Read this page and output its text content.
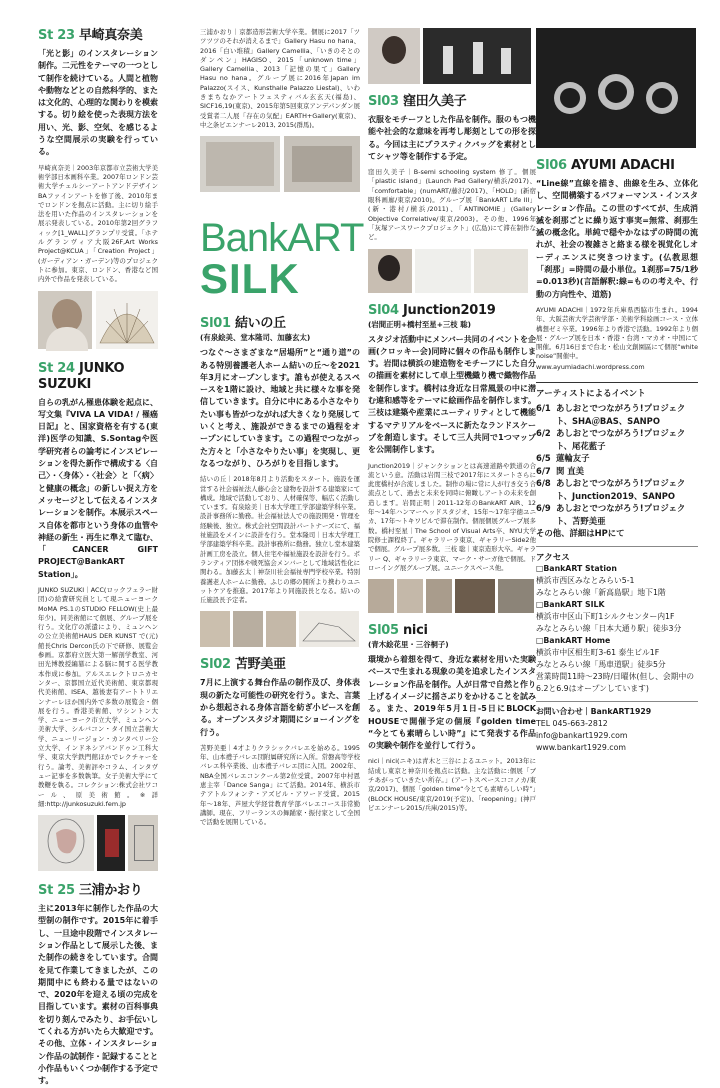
St 23 早崎真奈美
「光と影」のインスタレーション制作。二元性をテーマの一つとして制作を続けている。人間と植物や動物などとの自然科学的、または文化的、心理的な関わりを模索する。切り絵を使った表現方法を用い、光、影、空気、を感じるような空間展示の実験を行っている。
早崎真奈美｜2003年京都市立芸術大学美術学部日本画科卒業。2007年ロンドン芸術大学チェルシーアートアンドデザインBAファインアートを修了後、2010年までロンドンを拠点に活動。主に切り絵手法を用いた作品のインスタレーションを展示発表している。2010年第2回グラフィック[1_WALL]グランプリ受賞。「ホテルグランヴィア大阪26F,Art Works Project@KCUA」「Creation Project」(ガーディアン・ガーデン)等のプロジェクトに参加。東京、ロンドン、香港など国内外で作品を発表している。
St 24 JUNKO SUZUKI
自らの乳がん罹患体験を起点に、写文集『VIVA LA VIDA! / 罹癌日記』と、国家資格を有する(東洋)医学の知識、S.Sontagや医学研究者らの論考にインスピレーションを得た新作で構成する〈自己〉・〈身体〉・〈社会〉と「〈病〉と健康の概念」の新しい捉え方をメッセージとして伝えるインスタレーションを制作。本展示スペース自体を都市という身体の血管や神経の新生・再生に準えて臨む、「CANCER GIFT PROJECT@BankART Station」。
JUNKO SUZUKI｜ACC(ロックフェラー財団)の給費研究員として現ニューヨークMoMA PS.1のSTUDIO FELLOW(史上最年少)。同美術館にて個展、グループ展を行う。文化庁の派遣により、ミュンヘンの公立美術館HAUS DER KUNST で(元)館長Chris Dercon氏の下で研修、展覧会参画。京都府立医大第一解剖学教室、河田光博教授編纂による脳に関する医学教本作成に参加。アルスエレクトロニカセンター、京都国立近代美術館、東京都現代美術館、ISEA、越後妻有アートトリエンナーレほか国内外で多数の展覧会・個展を行う。香港美術館、ワシントン大学、ニューヨーク市立大学、ミュンヘン美術大学、シルバコン・タイ国立芸術大学、ニューリージョン・カンタベリー公立大学、インドネシアバンドゥン工科大学、東京大学鉄門館ほかでレクチャーを行う。論考、美術評やコラム、インタヴュー記事を多数執筆。女子美術大学にて教鞭を執る。コレクション:株式会社ワコール、原美術館。※詳細:http://junkosuzuki.fem.jp
St 25 三浦かおり
主に2013年に制作した作品の大型制の制作です。2015年に着手し、一旦途中段階でインスタレーション作品として展示した後、また制作の続きをしています。合間を見て作業してきましたが、この期間中にも終わる量ではないので、2020年を迎える頃の完成を目指しています。素材の百科事典を切り刻んでみたり、お手伝いしてくれる方がいたら大歓迎です。その他、立体・インスタレーション作品の試制作・記録することと小作品もいくつか制作する予定です。
三浦かおり｜京都造形芸術大学卒業。個展に2017「ツツツツのそれが消えるまで」Gallery Hasu no hana、2016「白い堆積」Gallery Camellia、「いきのそとのダンペン」HAGISO、2015「unknown time」Gallery Camellia、2013「記憶の果て」Gallery Hasu no hana。グループ展に2016年Japan im Palazzo(スイス、Kunsthalle Palazzo Liestal)、いわきまちなかアートフェスティバル玄玄天(福島)、SICF16,19(東京)、2015年第5回東京アンデパンダン展受賞者二人展「存在の気配」EARTH+Gallery(東京)、中之条ビエンナーレ2013, 2015(群馬)。
BankART
SILK
Sl01 結いの丘
(有泉絵美、堂本隆司、加藤玄太)
つなぐ〜さまざまな“居場所”と“通り道”のある特別養護老人ホーム結いの丘〜を2021年3月にオープンします。誰もが使えるスペースを1階に設け、地域と共に様々な事を発信していきます。自分に中にある小さなやりたい事も皆がつながれば大きくなり発展していくと考え、施設ができるまでの過程をオープンにしていきます。この過程でつながった方々と「小さなやりたい事」を実現し、更なるつながり、ひろがりを目指します。
結いの丘｜2018年8月より活動をスタート。施設を運営する社会福祉法人藤心会と建物を設計する建築家にて構成。地域で活動しており、人材確保等、幅広く活動しています。有泉絵美｜日本大学理工学部建築学科卒業。設計事務所に勤務。社会福祉法人での施設開発・管理を経験後、独立。株式会社空間設計パートナーズにて、福祉施設をメインに設計を行う。堂本隆司｜日本大学理工学部建築学科卒業。設計事務所に勤務。独立し堂本建築計画工房を設立。個人住宅や福祉施設を設計を行う。ボランティア団体や戦死協会メンバーとして地域活性化に関わる。加藤玄太｜神奈川社会福祉専門学校卒業。特別養護老人ホームに勤務。ふじの郷の開所より携わりユニットケアを推進。2017年より同施設長となる。結いの丘施設長予定者。
Sl02 苫野美亜
7月に上演する舞台作品の制作及び、身体表現の新たな可能性の研究を行う。また、言葉から想起される身体言語を紡ぎ小ピースを創る。オープンスタジオ期間にショーイングを行う。
苫野美亜｜4才よりクラシックバレエを始める。1995年、山本禮子バレエ団附属研究所に入所。常磐高等学校バレエ科卒業後、山本禮子バレエ団に入団。2002年、NBA全国バレエコンクール第2位受賞。2007年中村恩恵主宰「Dance Sanga」にて活動。2014年、横浜市テアトルフォンテ・アズビル・アワード受賞。2015年〜18年、芦屋大学経営教育学部バレエコース非常勤講師。現在、フリーランスの舞踊家・振付家として全国で活動を展開している。
Sl03 窪田久美子
衣服をモチーフとした作品を制作。服のもつ機能や社会的な意味を再考し彫刻としての形を探る。今回は主にプラスティクバッグを素材としてシャツ等を制作する予定。
窪田久美子｜B-semi schooling system 修了。個展「plastic island」(Launch Pad Gallery/横浜/2017)、「comfortable」(numART/藤沢/2017)、「HOLD」(新宿眼科画廊/東京/2010)。グループ展「BankART Life III」(新・港村/横浜/2011)、「ANTINOMIE」(Gallery Objective Correlative/東京/2003)。その他、1996年「灰塚アースワークプロジェクト」(広島)にて滞在制作など。
Sl04 Junction2019
(岩間正明+橋村至星+三枝 聡)
スタジオ活動中にメンバー共同のイベントを企画(クロッキー会)同時に個々の作品も制作します。岩間は横浜の建造物をモチーフにした自分の描画を素材にして卓上型機織り機で織物作品を制作します。橋村は身近な日常風景の中に潜む違和感等をテーマに絵画作品を制作します。三枝は建築や産業にユーティリティとして機能するマテリアルをベースに新たなランドスケープを創造します。そして三人共同で1つマップを公開制作します。
Junction2019｜ジャンクションとは高速道路や鉄道の合流という意。活動は岩間三枝で2017年にスタートさらに此度橋村が合流しました。制作の場に常に人が行き交う合流点として、過去と未来を同時に俯瞰しアートの未来を創造します。岩間正明｜2011-12年のBankART AIR、12年〜14年ハンマーヘッドスタジオ、15年〜17年宇徳ユニカ、17年〜トキワビルで滞在制作。個展個展グループ展多数。橋村至星｜The School of Visual Arts卒、NYU大学院修士課程終了。ギャラリーラ東京、ギャラリーSide2他で個展。グループ展多数。三枝 聡｜東京造形大卒。ギャラリー Q、ギャラリーラ東京、マーク・サーガ他で個展。ドローイング展グループ展。ユニークスペース他。
Sl05 nici
(青木絵花里・三谷桐子)
環境から着想を得て、身近な素材を用いた実験ベースで生まれる現象の美を追求したインスタレーション作品を制作。人が日常で自然と作り上げるイメージに揺さぶりをかけることを試みる。また、2019年5月1日-5日にBLOCK HOUSEで開催予定の個展『golden time “今とても素晴らしい時”』にて発表する作品の実験や制作を並行して行う。
nici｜nici(ニキ)は青木と三谷によるユニット。2013年に結成し東京と神奈川を拠点に活動。主な活動に:個展「ブチあがっていきたい所存。」(アートスペースココノカ/東京/2017)、個展「golden time“今とても素晴らしい時”」(BLOCK HOUSE/東京/2019(予定))、「reopening」(神戸ビエンナーレ2015/兵庫/2015)等。
Sl06 AYUMI ADACHI
“Line線”直線を描き、曲線を生み、立体化し、空間構築するパフォーマンス・インスタレーション作品。この世のすべてが、生成消滅を刹那ごとに繰り返す事実=無常、刹那生滅の概念化。単純で穏やかなはずの時間の流れが、社会の複雑さと絡まる様を視覚化しオーディエンスに突きつけます。(仏教思想「刹那」=時間の最小単位。1刹那=75/1秒=0.013秒)(言語解釈:線=ものの考えや、行動の方向性や、道筋)
AYUMI ADACHI｜1972年兵庫県西脇市生まれ。1994年、大阪芸術大学芸術学部・美術学科絵画コース・立体構想ゼミ卒業。1996年より香港で活動。1992年より個展・グループ展を日本・香港・台湾・マカオ・中国にて開催。6月16日まで台北・松山文創園區にて個展“white noise”開催中。
www.ayumiadachi.wordpress.com
アーティストによるイベント
6/1 あしおとでつながろう!プロジェクト、SHA＠BAS、SANPO
6/2 あしおとでつながろう!プロジェクト、尾花藍子
6/5 蓮輪友子
6/7 関 直美
6/8 あしおとでつながろう!プロジェクト、Junction2019、SANPO
6/9 あしおとでつながろう!プロジェクト、苫野美亜
その他、詳細はHPにて
アクセス
□BankART Station
横浜市西区みなとみらい5-1
みなとみらい線「新高島駅」地下1階
□BankART SILK
横浜市中区山下町1シルクセンター内1F
みなとみらい線「日本大通り駅」徒歩3分
□BankART Home
横浜市中区相生町3-61 泰生ビル1F
みなとみらい線「馬車道駅」徒歩5分
営業時間11時〜23時/日曜休(但し、会期中の6.2と6.9はオープンしています)
お問い合わせ｜BankART1929
TEL 045-663-2812
info@bankart1929.com
www.bankart1929.com
